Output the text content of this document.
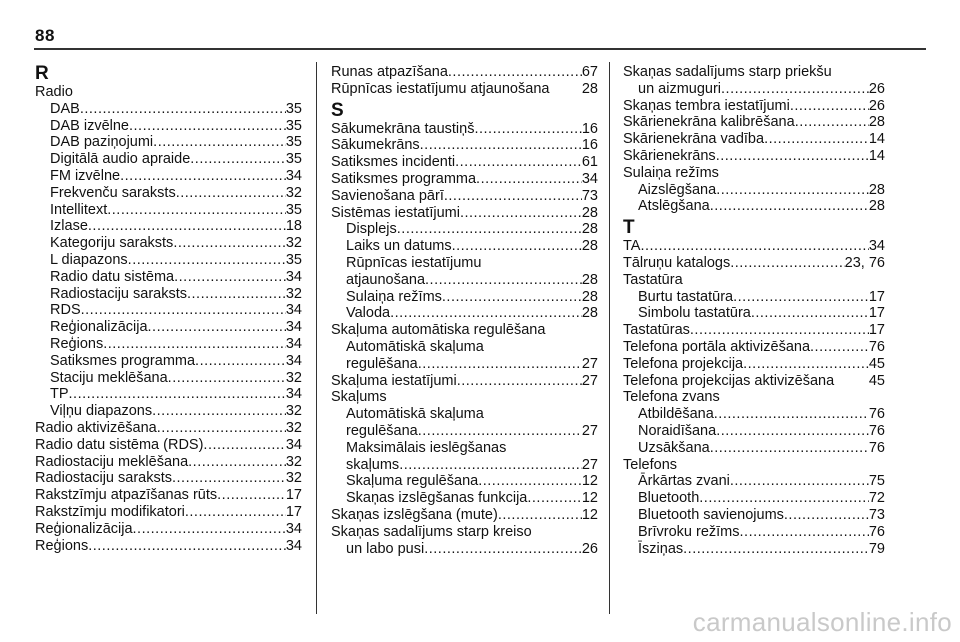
88
R
Radio
DAB .....	35
DAB izvēlne .....	35
DAB paziņojumi .....	35
Digitālā audio apraide .....	35
FM izvēlne .....	34
Frekvenču saraksts .....	32
Intellitext .....	35
Izlase .....	18
Kategoriju saraksts .....	32
L diapazons .....	35
Radio datu sistēma .....	34
Radiostaciju saraksts .....	32
RDS .....	34
Reģionalizācija .....	34
Reģions .....	34
Satiksmes programma .....	34
Staciju meklēšana .....	32
TP .....	34
Viļņu diapazons .....	32
Radio aktivizēšana .....	32
Radio datu sistēma (RDS) .....	34
Radiostaciju meklēšana .....	32
Radiostaciju saraksts .....	32
Rakstzīmju atpazīšanas rūts .....	17
Rakstzīmju modifikatori .....	17
Reģionalizācija .....	34
Reģions .....	34
Runas atpazīšana .....	67
Rūpnīcas iestatījumu atjaunošana 28
S
Sākumekrāna taustiņš .....	16
Sākumekrāns .....	16
Satiksmes incidenti .....	61
Satiksmes programma .....	34
Savienošana pārī .....	73
Sistēmas iestatījumi .....	28
Displejs .....	28
Laiks un datums .....	28
Rūpnīcas iestatījumu
atjaunošana .....	28
Sulaiņa režīms .....	28
Valoda .....	28
Skaļuma automātiska regulēšana
Automātiskā skaļuma
regulēšana .....	27
Skaļuma iestatījumi .....	27
Skaļums
Automātiskā skaļuma
regulēšana .....	27
Maksimālais ieslēgšanas
skaļums .....	27
Skaļuma regulēšana .....	12
Skaņas izslēgšanas funkcija .....	12
Skaņas izslēgšana (mute) .....	12
Skaņas sadalījums starp kreiso
un labo pusi .....	26
Skaņas sadalījums starp priekšu
un aizmuguri .....	26
Skaņas tembra iestatījumi .....	26
Skārienekrāna kalibrēšana .....	28
Skārienekrāna vadība .....	14
Skārienekrāns .....	14
Sulaiņa režīms
Aizslēgšana .....	28
Atslēgšana .....	28
T
TA .....	34
Tālruņu katalogs .....	23, 76
Tastatūra
Burtu tastatūra .....	17
Simbolu tastatūra .....	17
Tastatūras .....	17
Telefona portāla aktivizēšana .....	76
Telefona projekcija .....	45
Telefona projekcijas aktivizēšana 45
Telefona zvans
Atbildēšana .....	76
Noraidīšana .....	76
Uzsākšana .....	76
Telefons
Ārkārtas zvani .....	75
Bluetooth .....	72
Bluetooth savienojums .....	73
Brīvroku režīms .....	76
Īsziņas .....	79
carmanualsonline.info
